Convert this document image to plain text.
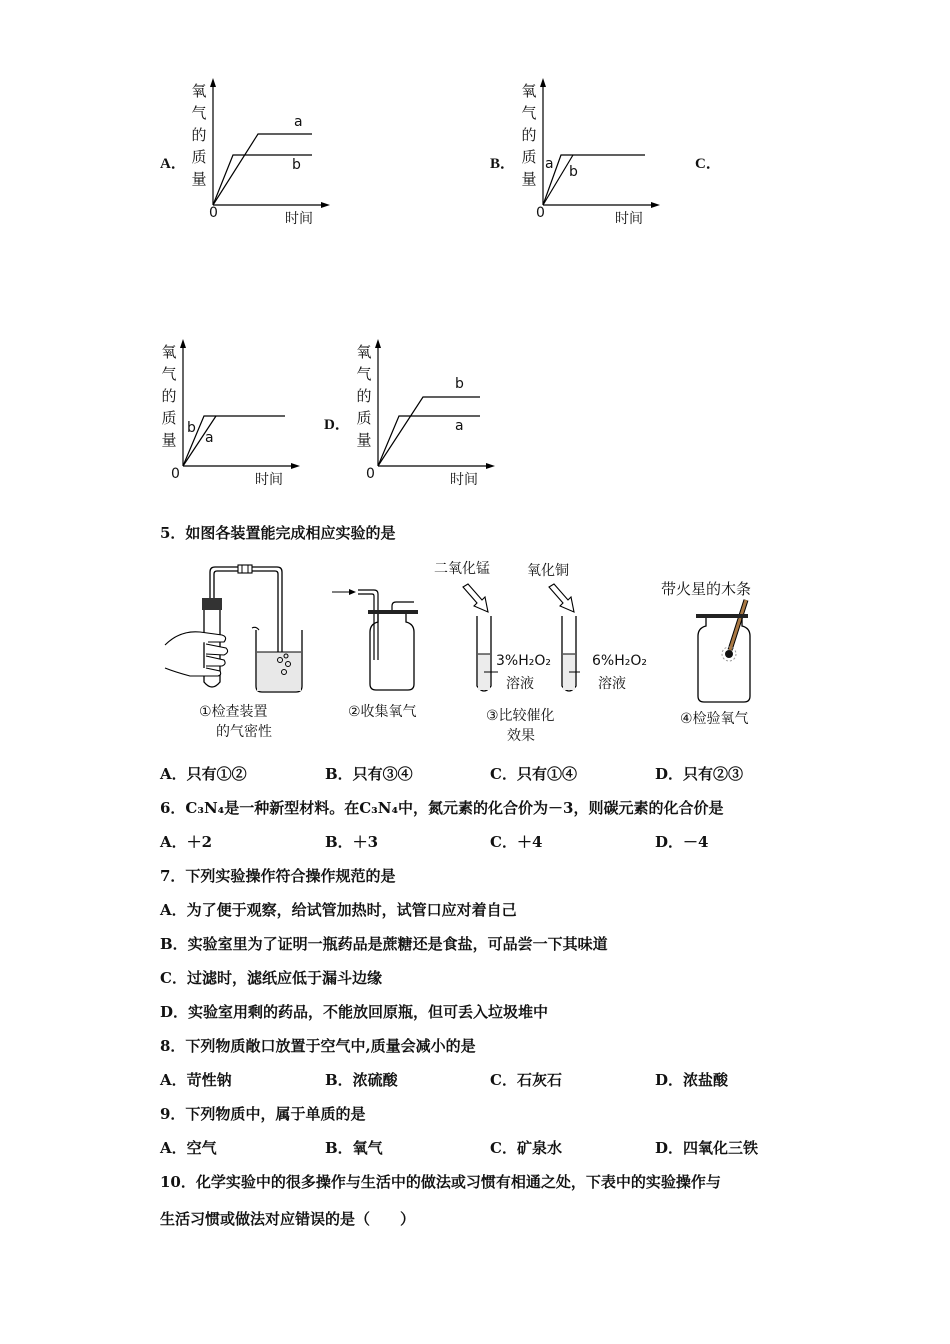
A．
氧气的质量
a
b
0	时间
B．
氧气的质量
a b
0	时间
C．
氧气的质量
b
a
0	时间
D．
氧气的质量
b
a
0	时间
5．如图各装置能完成相应实验的是
①检查装置
的气密性
②收集氧气
二氧化锰	氧化铜
3%H₂O₂
溶液
6%H₂O₂
溶液
③比较催化
效果
带火星的木条
④检验氧气
A．只有①②	B．只有③④	C．只有①④	D．只有②③
6．C₃N₄是一种新型材料。在C₃N₄中，氮元素的化合价为－3，则碳元素的化合价是
A．＋2	B．＋3	C．＋4	D．－4
7．下列实验操作符合操作规范的是
A．为了便于观察，给试管加热时，试管口应对着自己
B．实验室里为了证明一瓶药品是蔗糖还是食盐，可品尝一下其味道
C．过滤时，滤纸应低于漏斗边缘
D．实验室用剩的药品，不能放回原瓶，但可丢入垃圾堆中
8．下列物质敞口放置于空气中,质量会减小的是
A．苛性钠	B．浓硫酸	C．石灰石	D．浓盐酸
9．下列物质中，属于单质的是
A．空气	B．氧气	C．矿泉水	D．四氧化三铁
10．化学实验中的很多操作与生活中的做法或习惯有相通之处，下表中的实验操作与
生活习惯或做法对应错误的是（　　）
